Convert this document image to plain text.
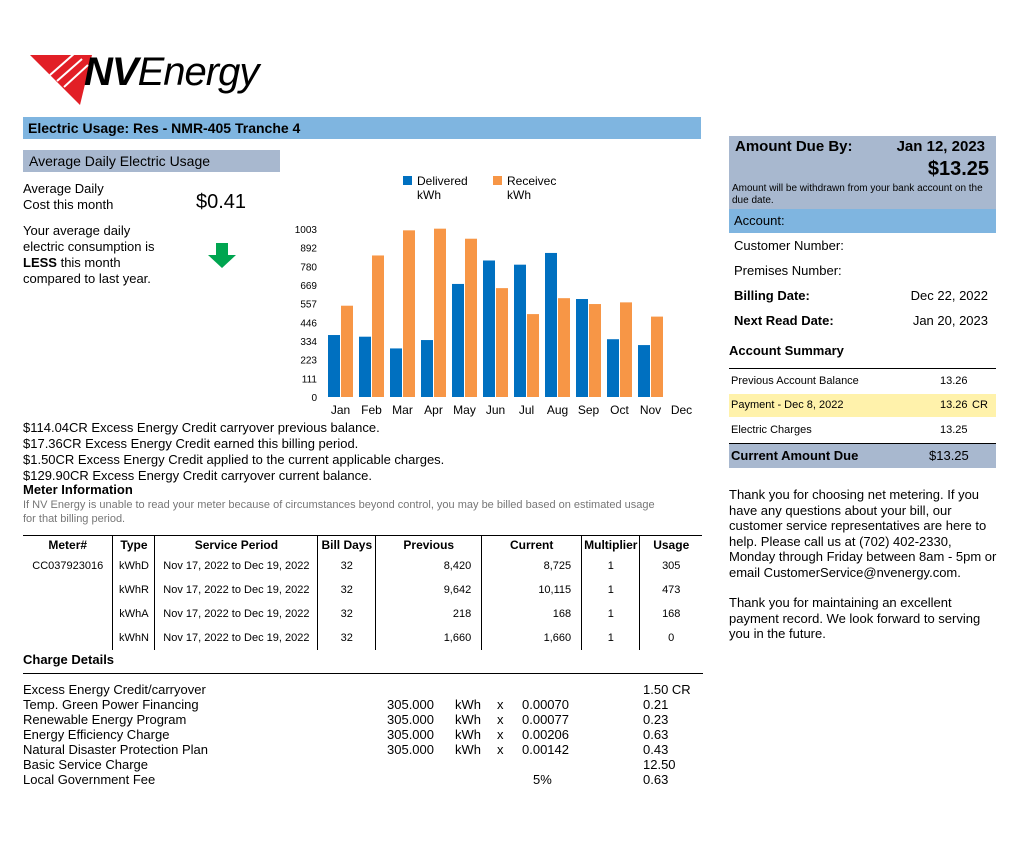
NVEnergy
Electric Usage: Res - NMR-405 Tranche 4
Average Daily Electric Usage
Average Daily
Cost this month	$0.41
Your average daily
electric consumption is
LESS this month
compared to last year.
1003
892
780
669
557
446
334
223
111
0
Jan Feb Mar Apr May Jun Jul Aug Sep Oct Nov Dec
Delivered
kWh
Receivec
kWh
$114.04CR Excess Energy Credit carryover previous balance.
$17.36CR Excess Energy Credit earned this billing period.
$1.50CR Excess Energy Credit applied to the current applicable charges.
$129.90CR Excess Energy Credit carryover current balance.
Meter Information
If NV Energy is unable to read your meter because of circumstances beyond control, you may be billed based on estimated usage
for that billing period.
Meter#	Type	Service Period	Bill Days	Previous	Current	Multiplier	Usage
CC037923016	kWhD	Nov 17, 2022 to Dec 19, 2022	32	8,420	8,725	1	305
	kWhR	Nov 17, 2022 to Dec 19, 2022	32	9,642	10,115	1	473
	kWhA	Nov 17, 2022 to Dec 19, 2022	32	218	168	1	168
	kWhN	Nov 17, 2022 to Dec 19, 2022	32	1,660	1,660	1	0
Charge Details
Excess Energy Credit/carryover	1.50 CR
Temp. Green Power Financing	305.000 kWh x 0.00070	0.21
Renewable Energy Program	305.000 kWh x 0.00077	0.23
Energy Efficiency Charge	305.000 kWh x 0.00206	0.63
Natural Disaster Protection Plan	305.000 kWh x 0.00142	0.43
Basic Service Charge	12.50
Local Government Fee	5%	0.63
Amount Due By:	Jan 12, 2023
$13.25
Amount will be withdrawn from your bank account on the due date.
Account:
Customer Number:
Premises Number:
Billing Date:	Dec 22, 2022
Next Read Date:	Jan 20, 2023
Account Summary
Previous Account Balance	13.26
Payment - Dec 8, 2022	13.26 CR
Electric Charges	13.25
Current Amount Due	$13.25
Thank you for choosing net metering. If you have any questions about your bill, our customer service representatives are here to help. Please call us at (702) 402-2330, Monday through Friday between 8am - 5pm or email CustomerService@nvenergy.com.
Thank you for maintaining an excellent payment record. We look forward to serving you in the future.
